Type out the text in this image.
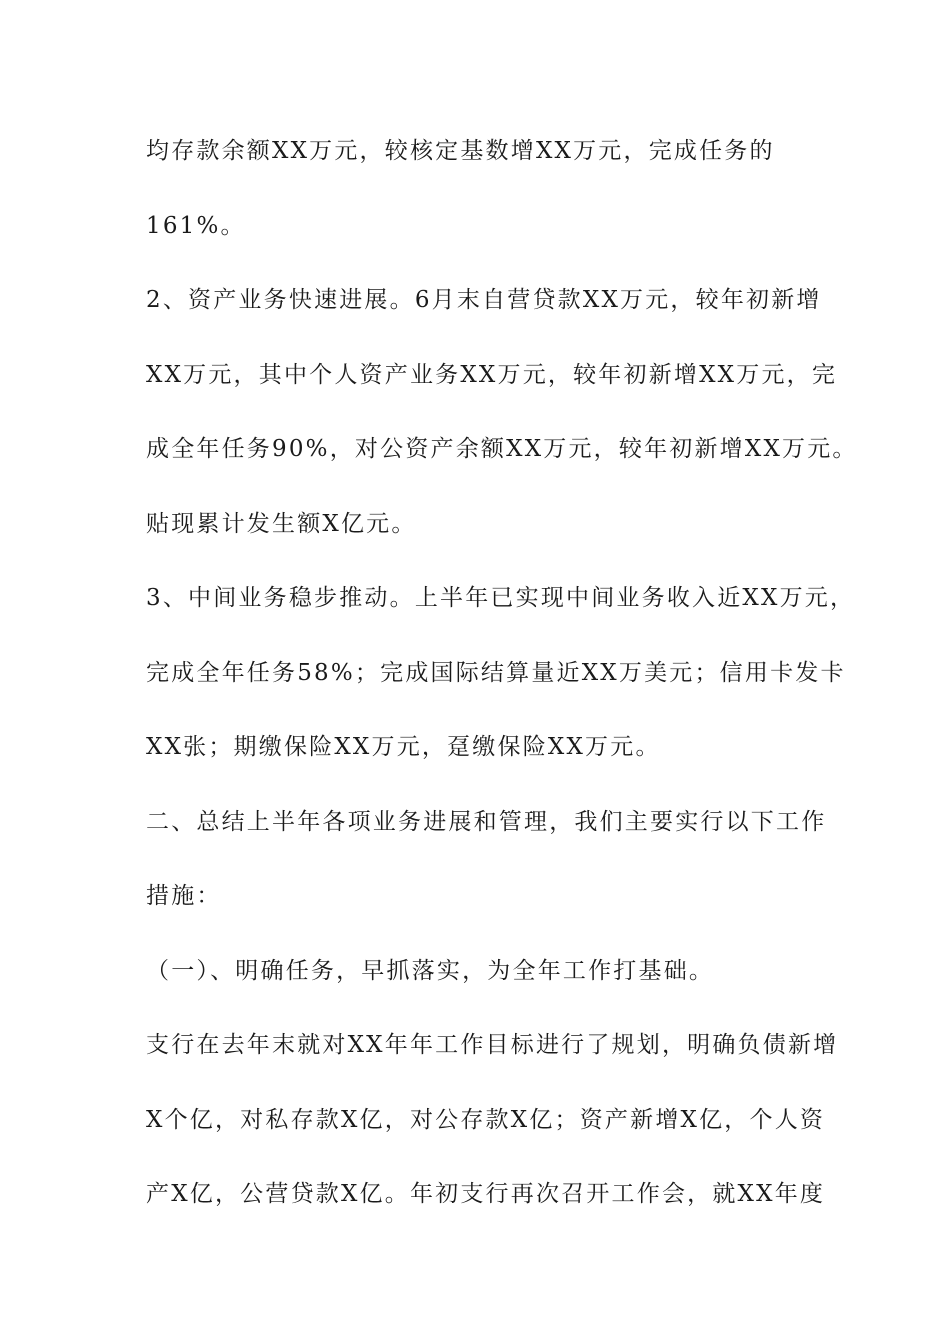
均存款余额XX万元，较核定基数增XX万元，完成任务的
161%。
2、资产业务快速进展。6月末自营贷款XX万元，较年初新增
XX万元，其中个人资产业务XX万元，较年初新增XX万元，完
成全年任务90%，对公资产余额XX万元，较年初新增XX万元。
贴现累计发生额X亿元。
3、中间业务稳步推动。上半年已实现中间业务收入近XX万元，
完成全年任务58%；完成国际结算量近XX万美元；信用卡发卡
XX张；期缴保险XX万元，趸缴保险XX万元。
二、总结上半年各项业务进展和管理，我们主要实行以下工作
措施：
（一）、明确任务，早抓落实，为全年工作打基础。
支行在去年末就对XX年年工作目标进行了规划，明确负债新增
X个亿，对私存款X亿，对公存款X亿；资产新增X亿，个人资
产X亿，公营贷款X亿。年初支行再次召开工作会，就XX年度
